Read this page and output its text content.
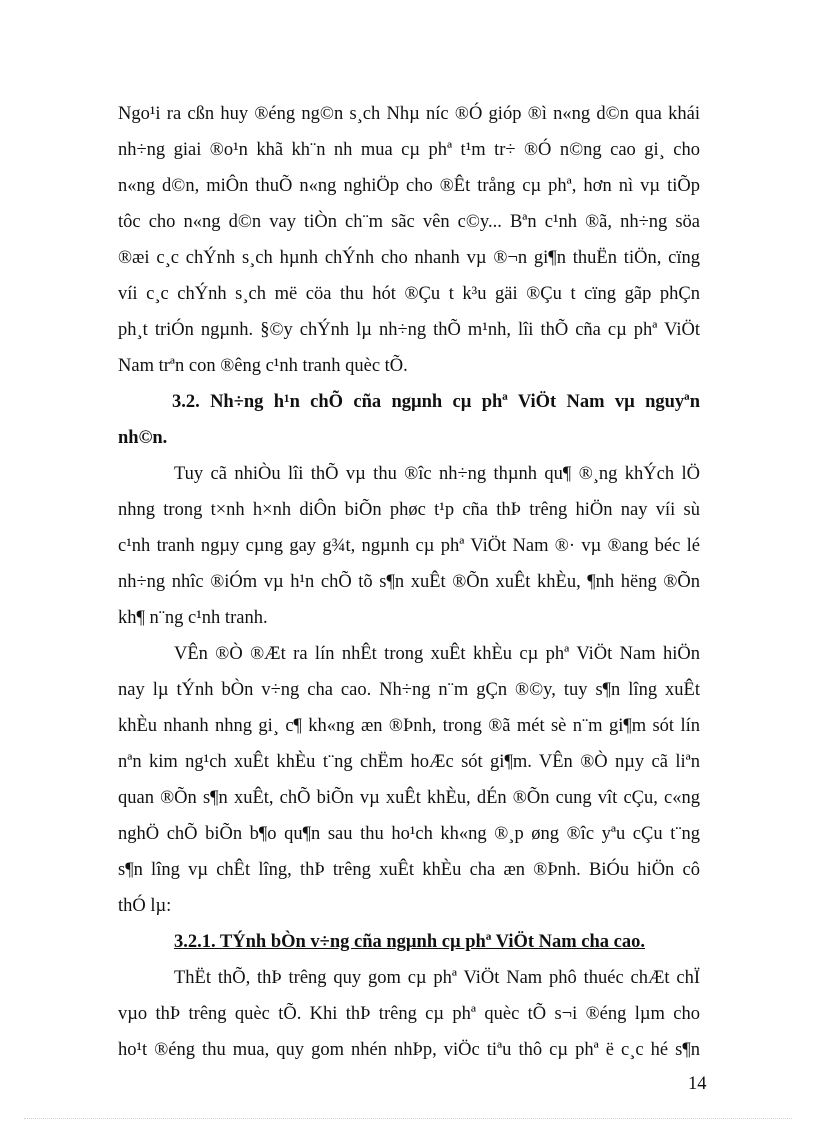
Ngo¹i ra cßn huy ®éng ng©n s¸ch Nhµ níc ®Ó gióp ®ì n«ng d©n qua khái
nh÷ng giai ®o¹n khã kh¨n nh mua cµ phª t¹m tr÷ ®Ó n©ng cao gi¸ cho
n«ng d©n, miÔn thuÕ n«ng nghiÖp cho ®Êt trång cµ phª, hơn nì vµ tiÕp
tôc cho n«ng d©n vay tiÒn ch¨m sãc vên c©y... Bªn c¹nh ®ã, nh÷ng söa
®æi c¸c chÝnh s¸ch hµnh chÝnh cho nhanh vµ ®¬n gi¶n thuËn tiÖn, cïng
víi c¸c chÝnh s¸ch më cöa thu hót ®Çu t k³u gäi ®Çu t cïng gãp phÇn
ph¸t triÓn ngµnh. §©y chÝnh lµ nh÷ng thÕ m¹nh, lîi thÕ cña cµ phª ViÖt
Nam trªn con ®êng c¹nh tranh quèc tÕ.
3.2. Nh÷ng h¹n chÕ cña ngµnh cµ phª ViÖt Nam vµ nguyªn
nh©n.
Tuy cã nhiÒu lîi thÕ vµ thu ®îc nh÷ng thµnh qu¶ ®¸ng khÝch lÖ
nhng trong t×nh h×nh diÔn biÕn phøc t¹p cña thÞ trêng hiÖn nay víi sù
c¹nh tranh ngµy cµng gay g¾t, ngµnh cµ phª ViÖt Nam ®· vµ ®ang béc lé
nh÷ng nhîc ®iÓm vµ h¹n chÕ tõ s¶n xuÊt ®Õn xuÊt khÈu, ¶nh hëng ®Õn
kh¶ n¨ng c¹nh tranh.
VÊn ®Ò ®Æt ra lín nhÊt trong xuÊt khÈu cµ phª ViÖt Nam hiÖn
nay lµ tÝnh bÒn v÷ng cha cao. Nh÷ng n¨m gÇn ®©y, tuy s¶n lîng xuÊt
khÈu nhanh nhng gi¸ c¶ kh«ng æn ®Þnh, trong ®ã mét sè n¨m gi¶m sót lín
nªn kim ng¹ch xuÊt khÈu t¨ng chËm hoÆc sót gi¶m. VÊn ®Ò nµy cã liªn
quan ®Õn s¶n xuÊt, chÕ biÕn vµ xuÊt khÈu, dÉn ®Õn cung vît cÇu, c«ng
nghÖ chÕ biÕn b¶o qu¶n sau thu ho¹ch kh«ng ®¸p øng ®îc yªu cÇu t¨ng
s¶n lîng vµ chÊt lîng, thÞ trêng xuÊt khÈu cha æn ®Þnh. BiÓu hiÖn cô
thÓ lµ:
3.2.1. TÝnh bÒn v÷ng cña ngµnh cµ phª ViÖt Nam cha cao.
ThËt thÕ, thÞ trêng quy gom cµ phª ViÖt Nam phô thuéc chÆt chÏ
vµo thÞ trêng quèc tÕ. Khi thÞ trêng cµ phª quèc tÕ s¬i ®éng lµm cho
ho¹t ®éng thu mua, quy gom nhén nhÞp, viÖc tiªu thô cµ phª ë c¸c hé s¶n
14
